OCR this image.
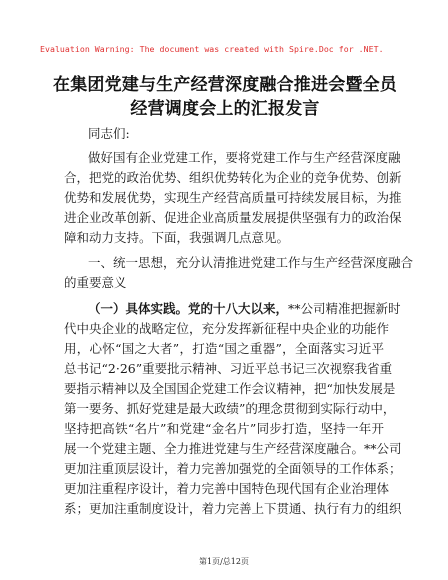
Evaluation Warning: The document was created with Spire.Doc for .NET.
在集团党建与生产经营深度融合推进会暨全员
经营调度会上的汇报发言
同志们:
做好国有企业党建工作，要将党建工作与生产经营深度融
合，把党的政治优势、组织优势转化为企业的竞争优势、创新
优势和发展优势，实现生产经营高质量可持续发展目标，为推
进企业改革创新、促进企业高质量发展提供坚强有力的政治保
障和动力支持。下面，我强调几点意见。
一、统一思想，充分认清推进党建工作与生产经营深度融合
的重要意义
（一）具体实践。党的十八大以来，**公司精准把握新时
代中央企业的战略定位，充分发挥新征程中央企业的功能作
用，心怀“国之大者”，打造“国之重器”，全面落实习近平
总书记“2·26”重要批示精神、习近平总书记三次视察我省重
要指示精神以及全国国企党建工作会议精神，把“加快发展是
第一要务、抓好党建是最大政绩”的理念贯彻到实际行动中，
坚持把高铁“名片”和党建“金名片”同步打造，坚持一年开
展一个党建主题、全力推进党建与生产经营深度融合。**公司
更加注重顶层设计，着力完善加强党的全面领导的工作体系；
更加注重程序设计，着力完善中国特色现代国有企业治理体
系；更加注重制度设计，着力完善上下贯通、执行有力的组织
第1页/总12页
